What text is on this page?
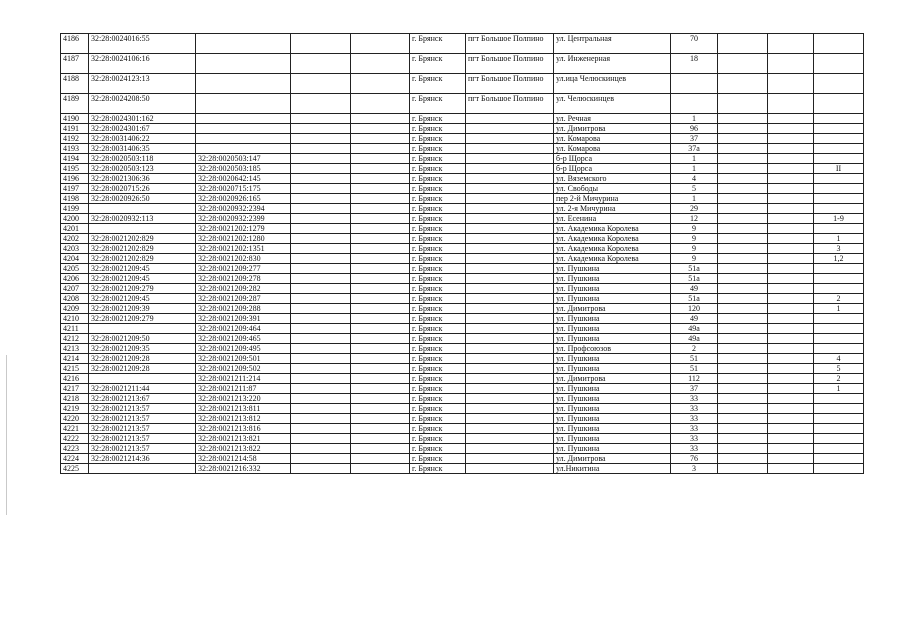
4186	32:28:0024016:55				г. Брянск	пгт Большое Полпино	ул. Центральная	70			
4187	32:28:0024106:16				г. Брянск	пгт Большое Полпино	ул. Инженерная	18			
4188	32:28:0024123:13				г. Брянск	пгт Большое Полпино	ул.ица Челюскинцев				
4189	32:28:0024208:50				г. Брянск	пгт Большое Полпино	ул. Челюскинцев				
4190	32:28:0024301:162				г. Брянск		ул. Речная	1			
4191	32:28:0024301:67				г. Брянск		ул. Димитрова	96			
4192	32:28:0031406:22				г. Брянск		ул. Комарова	37			
4193	32:28:0031406:35				г. Брянск		ул. Комарова	37а			
4194	32:28:0020503:118	32:28:0020503:147			г. Брянск		б-р Щорса	1			
4195	32:28:0020503:123	32:28:0020503:185			г. Брянск		б-р Щорса	1			II
4196	32:28:0021306:36	32:28:0020642:145			г. Брянск		ул. Вяземского	4			
4197	32:28:0020715:26	32:28:0020715:175			г. Брянск		ул. Свободы	5			
4198	32:28:0020926:50	32:28:0020926:165			г. Брянск		пер 2-й Мичурина	1			
4199		32:28:0020932:2394			г. Брянск		ул. 2-я Мичурина	29			
4200	32:28:0020932:113	32:28:0020932:2399			г. Брянск		ул. Есенина	12			1-9
4201		32:28:0021202:1279			г. Брянск		ул. Академика Королева	9			
4202	32:28:0021202:829	32:28:0021202:1280			г. Брянск		ул. Академика Королева	9			1
4203	32:28:0021202:829	32:28:0021202:1351			г. Брянск		ул. Академика Королева	9			3
4204	32:28:0021202:829	32:28:0021202:830			г. Брянск		ул. Академика Королева	9			1,2
4205	32:28:0021209:45	32:28:0021209:277			г. Брянск		ул. Пушкина	51а			
4206	32:28:0021209:45	32:28:0021209:278			г. Брянск		ул. Пушкина	51а			
4207	32:28:0021209:279	32:28:0021209:282			г. Брянск		ул. Пушкина	49			
4208	32:28:0021209:45	32:28:0021209:287			г. Брянск		ул. Пушкина	51а			2
4209	32:28:0021209:39	32:28:0021209:288			г. Брянск		ул. Димитрова	120			1
4210	32:28:0021209:279	32:28:0021209:391			г. Брянск		ул. Пушкина	49			
4211		32:28:0021209:464			г. Брянск		ул. Пушкина	49а			
4212	32:28:0021209:50	32:28:0021209:465			г. Брянск		ул. Пушкина	49а			
4213	32:28:0021209:35	32:28:0021209:495			г. Брянск		ул. Профсоюзов	2			
4214	32:28:0021209:28	32:28:0021209:501			г. Брянск		ул. Пушкина	51			4
4215	32:28:0021209:28	32:28:0021209:502			г. Брянск		ул. Пушкина	51			5
4216		32:28:0021211:214			г. Брянск		ул. Димитрова	112			2
4217	32:28:0021211:44	32:28:0021211:87			г. Брянск		ул. Пушкина	37			1
4218	32:28:0021213:67	32:28:0021213:220			г. Брянск		ул. Пушкина	33			
4219	32:28:0021213:57	32:28:0021213:811			г. Брянск		ул. Пушкина	33			
4220	32:28:0021213:57	32:28:0021213:812			г. Брянск		ул. Пушкина	33			
4221	32:28:0021213:57	32:28:0021213:816			г. Брянск		ул. Пушкина	33			
4222	32:28:0021213:57	32:28:0021213:821			г. Брянск		ул. Пушкина	33			
4223	32:28:0021213:57	32:28:0021213:822			г. Брянск		ул. Пушкина	33			
4224	32:28:0021214:36	32:28:0021214:58			г. Брянск		ул. Димитрова	76			
4225		32:28:0021216:332			г. Брянск		ул.Никитина	3			
